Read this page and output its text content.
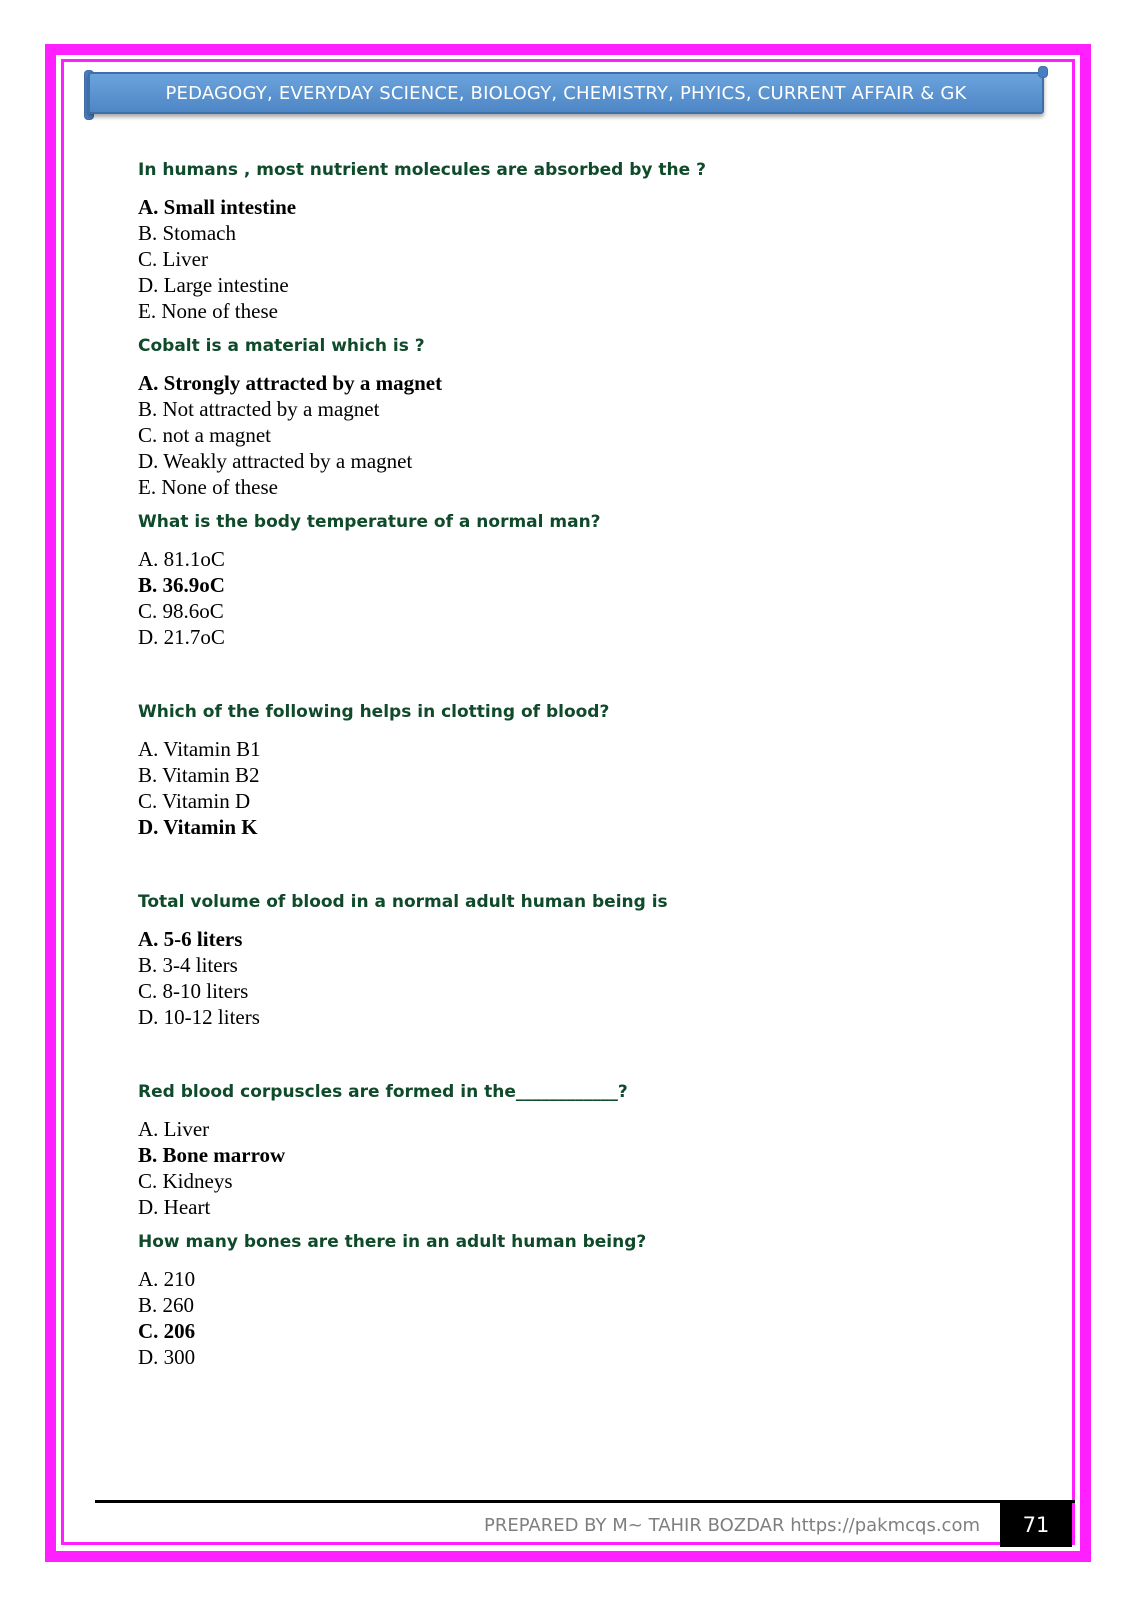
PEDAGOGY, EVERYDAY SCIENCE, BIOLOGY, CHEMISTRY, PHYICS, CURRENT AFFAIR & GK

In humans , most nutrient molecules are absorbed by the ?

A. Small intestine
B. Stomach
C. Liver
D. Large intestine
E. None of these

Cobalt is a material which is ?

A. Strongly attracted by a magnet
B. Not attracted by a magnet
C. not a magnet
D. Weakly attracted by a magnet
E. None of these

What is the body temperature of a normal man?

A. 81.1oC
B. 36.9oC
C. 98.6oC
D. 21.7oC

Which of the following helps in clotting of blood?

A. Vitamin B1
B. Vitamin B2
C. Vitamin D
D. Vitamin K

Total volume of blood in a normal adult human being is

A. 5-6 liters
B. 3-4 liters
C. 8-10 liters
D. 10-12 liters

Red blood corpuscles are formed in the____________?

A. Liver
B. Bone marrow
C. Kidneys
D. Heart

How many bones are there in an adult human being?

A. 210
B. 260
C. 206
D. 300
PREPARED BY M~ TAHIR BOZDAR https://pakmcqs.com 71
